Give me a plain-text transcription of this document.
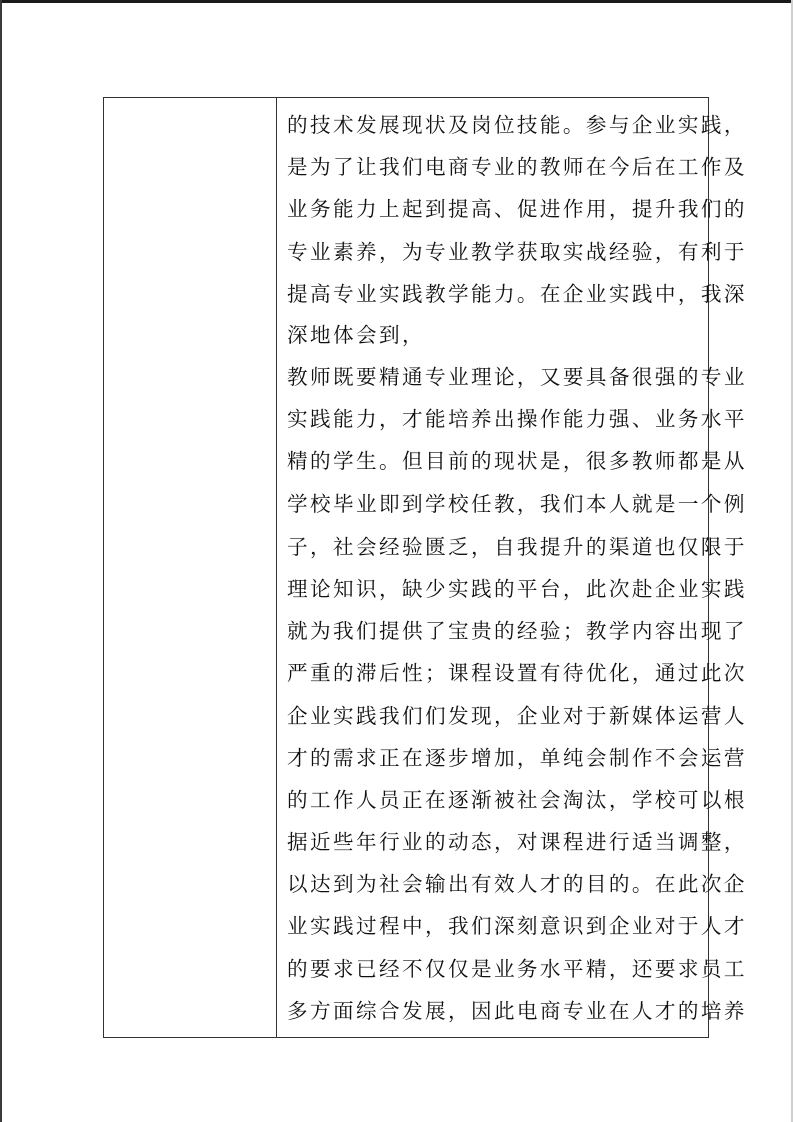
的技术发展现状及岗位技能。参与企业实践，
是为了让我们电商专业的教师在今后在工作及
业务能力上起到提高、促进作用，提升我们的
专业素养，为专业教学获取实战经验，有利于
提高专业实践教学能力。在企业实践中，我深
深地体会到，
教师既要精通专业理论，又要具备很强的专业
实践能力，才能培养出操作能力强、业务水平
精的学生。但目前的现状是，很多教师都是从
学校毕业即到学校任教，我们本人就是一个例
子，社会经验匮乏，自我提升的渠道也仅限于
理论知识，缺少实践的平台，此次赴企业实践
就为我们提供了宝贵的经验；教学内容出现了
严重的滞后性；课程设置有待优化，通过此次
企业实践我们们发现，企业对于新媒体运营人
才的需求正在逐步增加，单纯会制作不会运营
的工作人员正在逐渐被社会淘汰，学校可以根
据近些年行业的动态，对课程进行适当调整，
以达到为社会输出有效人才的目的。在此次企
业实践过程中，我们深刻意识到企业对于人才
的要求已经不仅仅是业务水平精，还要求员工
多方面综合发展，因此电商专业在人才的培养
